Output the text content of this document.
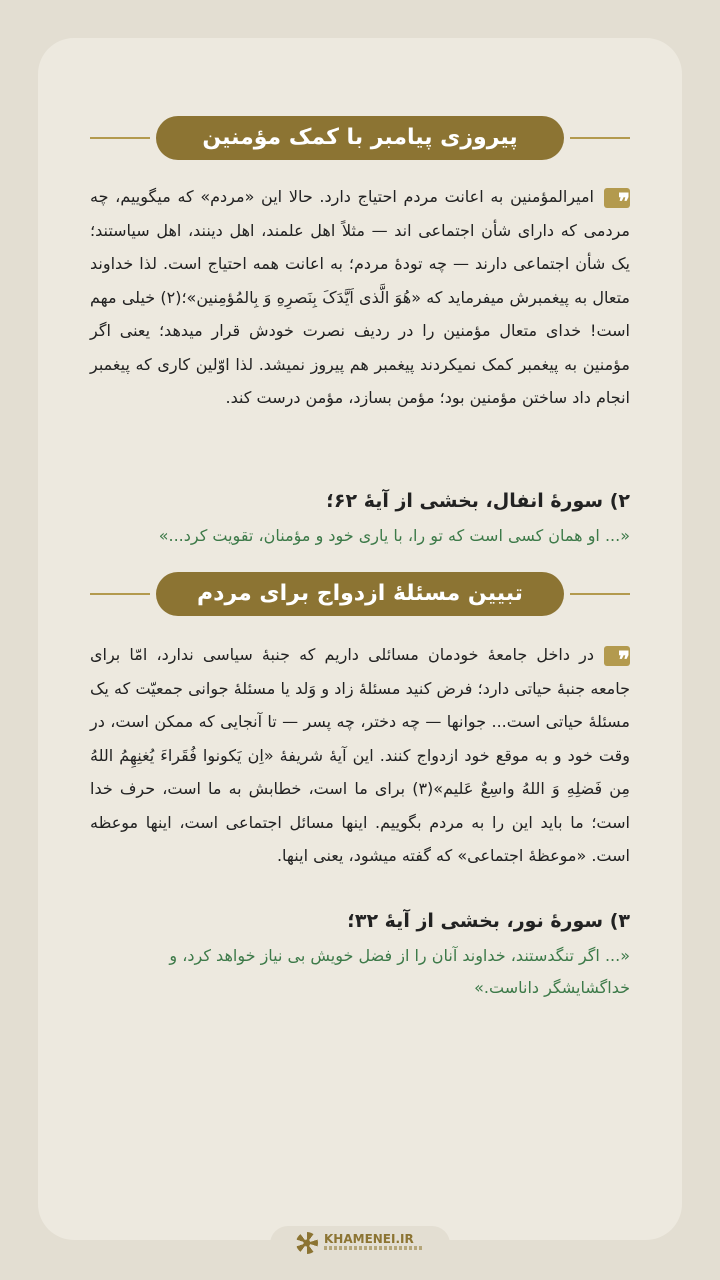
پیروزی پیامبر با کمک مؤمنین
❞امیرالمؤمنین به اعانت مردم احتیاج دارد. حالا این «مردم» که میگوییم، چه مردمی که دارای شأن اجتماعی اند — مثلاً اهل علمند، اهل دینند، اهل سیاستند؛ یک شأن اجتماعی دارند — چه تودهٔ مردم؛ به اعانت همه احتیاج است. لذا خداوند متعال به پیغمبرش میفرماید که «هُوَ الَّذی اَیَّدَکَ بِنَصرِهِ وَ بِالمُؤمِنین»؛(۲) خیلی مهم است! خدای متعال مؤمنین را در ردیف نصرت خودش قرار میدهد؛ یعنی اگر مؤمنین به پیغمبر کمک نمیکردند پیغمبر هم پیروز نمیشد. لذا اوّلین کاری که پیغمبر انجام داد ساختن مؤمنین بود؛ مؤمن بسازد، مؤمن درست کند.
۲) سورهٔ انفال، بخشی از آیهٔ ۶۲؛
«... او همان کسی است که تو را، با یاری خود و مؤمنان، تقویت کرد...»
تبیین مسئلهٔ ازدواج برای مردم
❞در داخل جامعهٔ خودمان مسائلی داریم که جنبهٔ سیاسی ندارد، امّا برای جامعه جنبهٔ حیاتی دارد؛ فرض کنید مسئلهٔ زاد و وَلد یا مسئلهٔ جوانی جمعیّت که یک مسئلهٔ حیاتی است... جوانها — چه دختر، چه پسر — تا آنجایی که ممکن است، در وقت خود و به موقع خود ازدواج کنند. این آیهٔ شریفهٔ «اِن یَکونوا فُقَراءَ یُغنِهِمُ اللهُ مِن فَضلِهِ وَ اللهُ واسِعٌ عَلیم»(۳) برای ما است، خطابش به ما است، حرف خدا است؛ ما باید این را به مردم بگوییم. اینها مسائل اجتماعی است، اینها موعظه است. «موعظهٔ اجتماعی» که گفته میشود، یعنی اینها.
۳) سورهٔ نور، بخشی از آیهٔ ۳۲؛
«... اگر تنگدستند، خداوند آنان را از فضل خویش بی نیاز خواهد کرد، و خداگشایشگر داناست.»
KHAMENEI.IR
